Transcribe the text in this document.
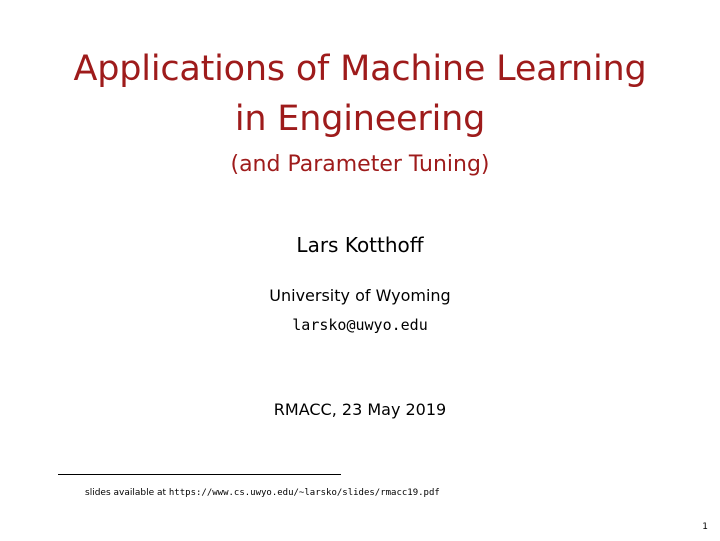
Applications of Machine Learning
in Engineering
(and Parameter Tuning)
Lars Kotthoff
University of Wyoming
larsko@uwyo.edu
RMACC, 23 May 2019
slides available at https://www.cs.uwyo.edu/~larsko/slides/rmacc19.pdf
1
